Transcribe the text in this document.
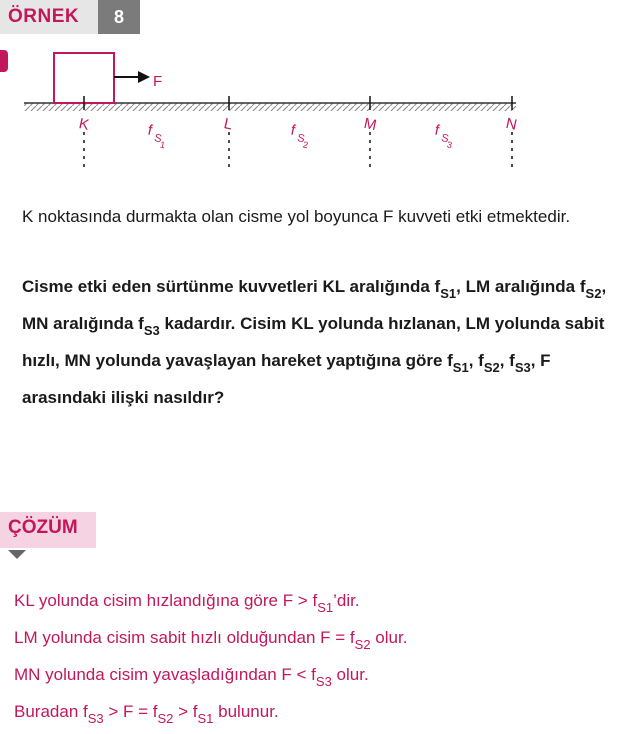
ÖRNEK	8
F
K	L	M	N
f S
1
f S
2
f S
3
K noktasında durmakta olan cisme yol boyunca F kuvveti etki etmektedir.
Cisme etki eden sürtünme kuvvetleri KL aralığında $f_{S1}$, LM aralığında $f_{S2}$, MN aralığında $f_{S3}$ kadardır. Cisim KL yolunda hızlanan, LM yolunda sabit hızlı, MN yolunda yavaşlayan hareket yaptığına göre $f_{S1}$, $f_{S2}$, $f_{S3}$, F arasındaki ilişki nasıldır?
ÇÖZÜM
KL yolunda cisim hızlandığına göre $F > f_{S1}’dir$.
LM yolunda cisim sabit hızlı olduğundan $F = f_{S2}$ olur.
MN yolunda cisim yavaşladığından $F < f_{S3}$ olur.
Buradan $f_{S3} > F = f_{S2} > f_{S1}$ bulunur.
